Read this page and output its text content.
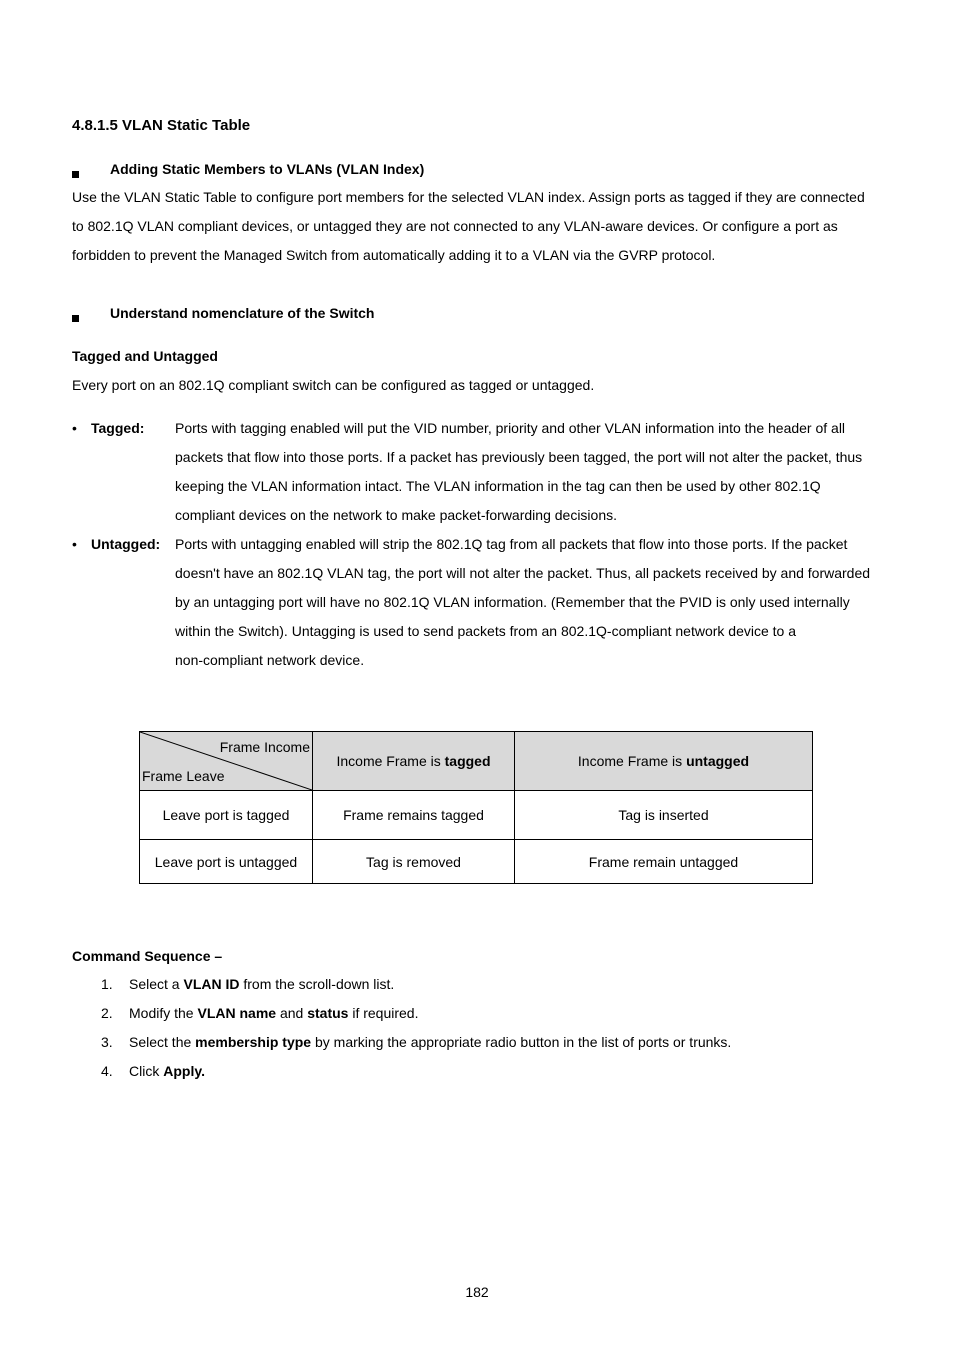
4.8.1.5 VLAN Static Table
Adding Static Members to VLANs (VLAN Index)
Use the VLAN Static Table to configure port members for the selected VLAN index. Assign ports as tagged if they are connected
to 802.1Q VLAN compliant devices, or untagged they are not connected to any VLAN-aware devices. Or configure a port as
forbidden to prevent the Managed Switch from automatically adding it to a VLAN via the GVRP protocol.
Understand nomenclature of the Switch
Tagged and Untagged
Every port on an 802.1Q compliant switch can be configured as tagged or untagged.
• Tagged: Ports with tagging enabled will put the VID number, priority and other VLAN information into the header of all
packets that flow into those ports. If a packet has previously been tagged, the port will not alter the packet, thus
keeping the VLAN information intact. The VLAN information in the tag can then be used by other 802.1Q
compliant devices on the network to make packet-forwarding decisions.
• Untagged: Ports with untagging enabled will strip the 802.1Q tag from all packets that flow into those ports. If the packet
doesn't have an 802.1Q VLAN tag, the port will not alter the packet. Thus, all packets received by and forwarded
by an untagging port will have no 802.1Q VLAN information. (Remember that the PVID is only used internally
within the Switch). Untagging is used to send packets from an 802.1Q-compliant network device to a
non-compliant network device.
Frame Income
Frame Leave	Income Frame is tagged	Income Frame is untagged
Leave port is tagged	Frame remains tagged	Tag is inserted
Leave port is untagged	Tag is removed	Frame remain untagged
Command Sequence –
1. Select a VLAN ID from the scroll-down list.
2. Modify the VLAN name and status if required.
3. Select the membership type by marking the appropriate radio button in the list of ports or trunks.
4. Click Apply.
182
